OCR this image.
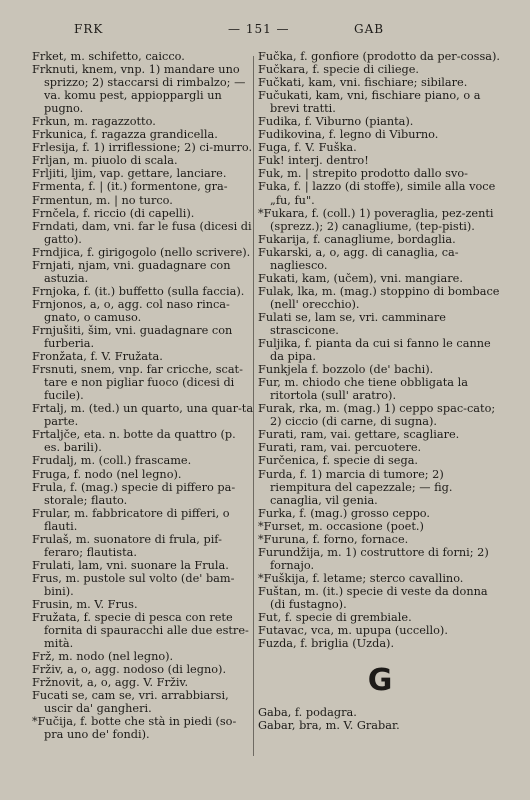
FRK	— 151 —	GAB

Frket, m. schifetto, caicco.

Frknuti, knem, vnp. 1) mandare uno sprizzo; 2) staccarsi di rimbalzo; — va. komu pest, appioppargli un pugno.

Frkun, m. ragazzotto.

Frkunica, f. ragazza grandicella.

Frlesija, f. 1) irriflessione; 2) ci-murro.

Frljan, m. piuolo di scala.

Frljiti, ljim, vap. gettare, lanciare.

Frmenta, f. | (it.) formentone, gra-

Frmentun, m. | no turco.

Frnčela, f. riccio (di capelli).

Frndati, dam, vni. far le fusa (dicesi di gatto).

Frndjica, f. girigogolo (nello scrivere).

Frnjati, njam, vni. guadagnare con astuzia.

Frnjoka, f. (it.) buffetto (sulla faccia).

Frnjonos, a, o, agg. col naso rinca-gnato, o camuso.

Frnjušiti, šim, vni. guadagnare con furberia.

Fronžata, f. V. Fružata.

Frsnuti, snem, vnp. far cricche, scat-tare e non pigliar fuoco (dicesi di fucile).

Frtalj, m. (ted.) un quarto, una quar-ta parte.

Frtaljče, eta. n. botte da quattro (p. es. barili).

Frudalj, m. (coll.) frascame.

Fruga, f. nodo (nel legno).

Frula, f. (mag.) specie di piffero pa-storale; flauto.

Frular, m. fabbricatore di pifferi, o flauti.

Frulaš, m. suonatore di frula, pif-feraro; flautista.

Frulati, lam, vni. suonare la Frula.

Frus, m. pustole sul volto (de' bam-bini).

Frusin, m. V. Frus.

Fružata, f. specie di pesca con rete fornita di spauracchi alle due estre-mità.

Frž, m. nodo (nel legno).

Frživ, a, o, agg. nodoso (di legno).

Fržnovit, a, o, agg. V. Frživ.

Fucati se, cam se, vri. arrabbiarsi, uscir da' gangheri.

*Fučija, f. botte che stà in piedi (so-pra uno de' fondi).

Fučka, f. gonfiore (prodotto da per-cossa).

Fučkara, f. specie di ciliege.

Fučkati, kam, vni. fischiare; sibilare.

Fučukati, kam, vni, fischiare piano, o a brevi tratti.

Fudika, f. Viburno (pianta).

Fudikovina, f. legno di Viburno.

Fuga, f. V. Fuška.

Fuk! interj. dentro!

Fuk, m. | strepito prodotto dallo svo-

Fuka, f. | lazzo (di stoffe), simile alla voce „fu, fu".

*Fukara, f. (coll.) 1) poveraglia, pez-zenti (sprezz.); 2) canagliume, (tep-pisti).

Fukarija, f. canagliume, bordaglia.

Fukarski, a, o, agg. di canaglia, ca-nagliesco.

Fukati, kam, (učem), vni. mangiare.

Fulak, lka, m. (mag.) stoppino di bombace (nell' orecchio).

Fulati se, lam se, vri. camminare strascicone.

Fuljika, f. pianta da cui si fanno le canne da pipa.

Funkjela f. bozzolo (de' bachi).

Fur, m. chiodo che tiene obbligata la ritortola (sull' aratro).

Furak, rka, m. (mag.) 1) ceppo spac-cato; 2) ciccio (di carne, di sugna).

Furati, ram, vai. gettare, scagliare.

Furati, ram, vai. percuotere.

Furčenica, f. specie di sega.

Furda, f. 1) marcia di tumore; 2) riempitura del capezzale; — fig. canaglia, vil genia.

Furka, f. (mag.) grosso ceppo.

*Furset, m. occasione (poet.)

*Furuna, f. forno, fornace.

Furundžija, m. 1) costruttore di forni; 2) fornajo.

*Fuškija, f. letame; sterco cavallino.

Fuštan, m. (it.) specie di veste da donna (di fustagno).

Fut, f. specie di grembiale.

Futavac, vca, m. upupa (uccello).

Fuzda, f. briglia (Uzda).

G

Gaba, f. podagra.

Gabar, bra, m. V. Grabar.
